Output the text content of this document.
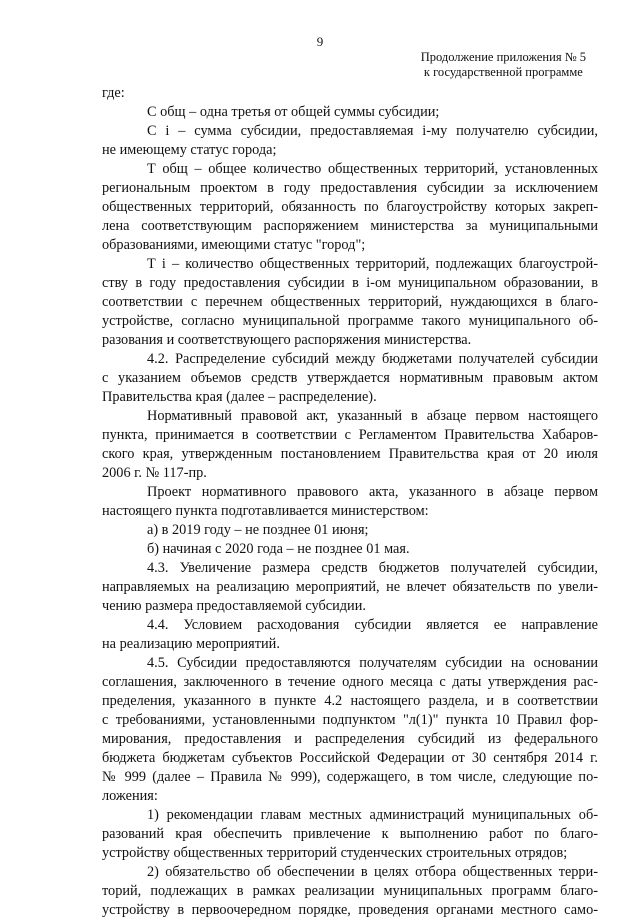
9
Продолжение приложения № 5
к государственной программе

где:

С общ – одна третья от общей суммы субсидии;

С i – сумма субсидии, предоставляемая i-му получателю субсидии,
не имеющему статус города;

Т общ – общее количество общественных территорий, установленных
региональным проектом в году предоставления субсидии за исключением
общественных территорий, обязанность по благоустройству которых закреп-
лена соответствующим распоряжением министерства за муниципальными
образованиями, имеющими статус "город";

Т i – количество общественных территорий, подлежащих благоустрой-
ству в году предоставления субсидии в i-ом муниципальном образовании, в
соответствии с перечнем общественных территорий, нуждающихся в благо-
устройстве, согласно муниципальной программе такого муниципального об-
разования и соответствующего распоряжения министерства.

4.2. Распределение субсидий между бюджетами получателей субсидии
с указанием объемов средств утверждается нормативным правовым актом
Правительства края (далее – распределение).

Нормативный правовой акт, указанный в абзаце первом настоящего
пункта, принимается в соответствии с Регламентом Правительства Хабаров-
ского края, утвержденным постановлением Правительства края от 20 июля
2006 г. № 117-пр.

Проект нормативного правового акта, указанного в абзаце первом
настоящего пункта подготавливается министерством:

а) в 2019 году – не позднее 01 июня;

б) начиная с 2020 года – не позднее 01 мая.

4.3. Увеличение размера средств бюджетов получателей субсидии,
направляемых на реализацию мероприятий, не влечет обязательств по увели-
чению размера предоставляемой субсидии.

4.4. Условием расходования субсидии является ее направление
на реализацию мероприятий.

4.5. Субсидии предоставляются получателям субсидии на основании
соглашения, заключенного в течение одного месяца с даты утверждения рас-
пределения, указанного в пункте 4.2 настоящего раздела, и в соответствии
с требованиями, установленными подпунктом "л(1)" пункта 10 Правил фор-
мирования, предоставления и распределения субсидий из федерального
бюджета бюджетам субъектов Российской Федерации от 30 сентября 2014 г.
№ 999 (далее – Правила № 999), содержащего, в том числе, следующие по-
ложения:

1) рекомендации главам местных администраций муниципальных об-
разований края обеспечить привлечение к выполнению работ по благо-
устройству общественных территорий студенческих строительных отрядов;

2) обязательство об обеспечении в целях отбора общественных терри-
торий, подлежащих в рамках реализации муниципальных программ благо-
устройству в первоочередном порядке, проведения органами местного само-
